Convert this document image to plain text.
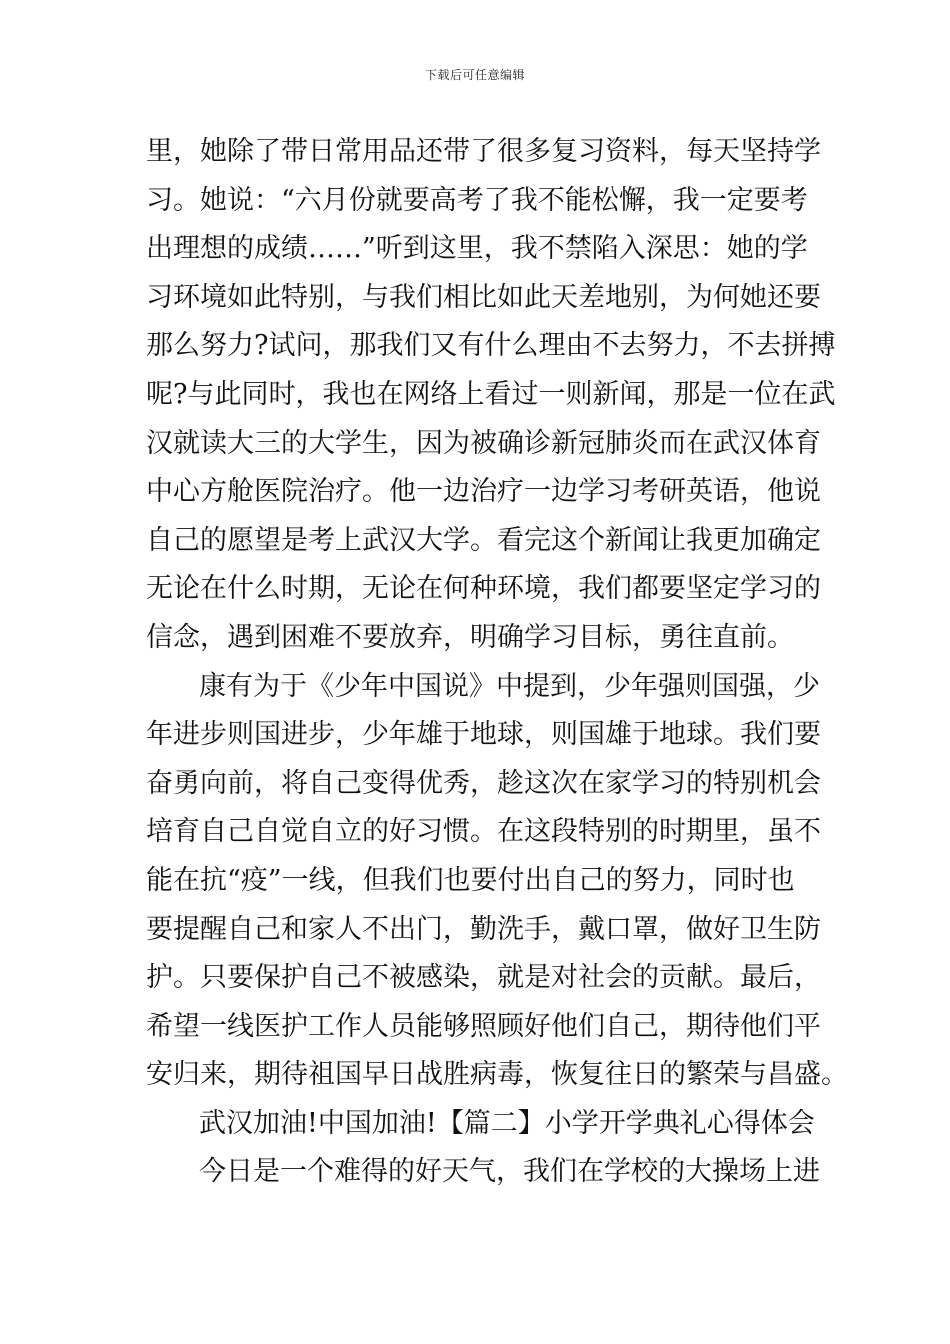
下载后可任意编辑
里，她除了带日常用品还带了很多复习资料，每天坚持学
习。她说：“六月份就要高考了我不能松懈，我一定要考
出理想的成绩……”听到这里，我不禁陷入深思：她的学
习环境如此特别，与我们相比如此天差地别，为何她还要
那么努力?试问，那我们又有什么理由不去努力，不去拼搏
呢?与此同时，我也在网络上看过一则新闻，那是一位在武
汉就读大三的大学生，因为被确诊新冠肺炎而在武汉体育
中心方舱医院治疗。他一边治疗一边学习考研英语，他说
自己的愿望是考上武汉大学。看完这个新闻让我更加确定
无论在什么时期，无论在何种环境，我们都要坚定学习的
信念，遇到困难不要放弃，明确学习目标，勇往直前。
康有为于《少年中国说》中提到，少年强则国强，少
年进步则国进步，少年雄于地球，则国雄于地球。我们要
奋勇向前，将自己变得优秀，趁这次在家学习的特别机会
培育自己自觉自立的好习惯。在这段特别的时期里，虽不
能在抗“疫”一线，但我们也要付出自己的努力，同时也
要提醒自己和家人不出门，勤洗手，戴口罩，做好卫生防
护。只要保护自己不被感染，就是对社会的贡献。最后，
希望一线医护工作人员能够照顾好他们自己，期待他们平
安归来，期待祖国早日战胜病毒，恢复往日的繁荣与昌盛。
武汉加油!中国加油!【篇二】小学开学典礼心得体会
今日是一个难得的好天气，我们在学校的大操场上进
